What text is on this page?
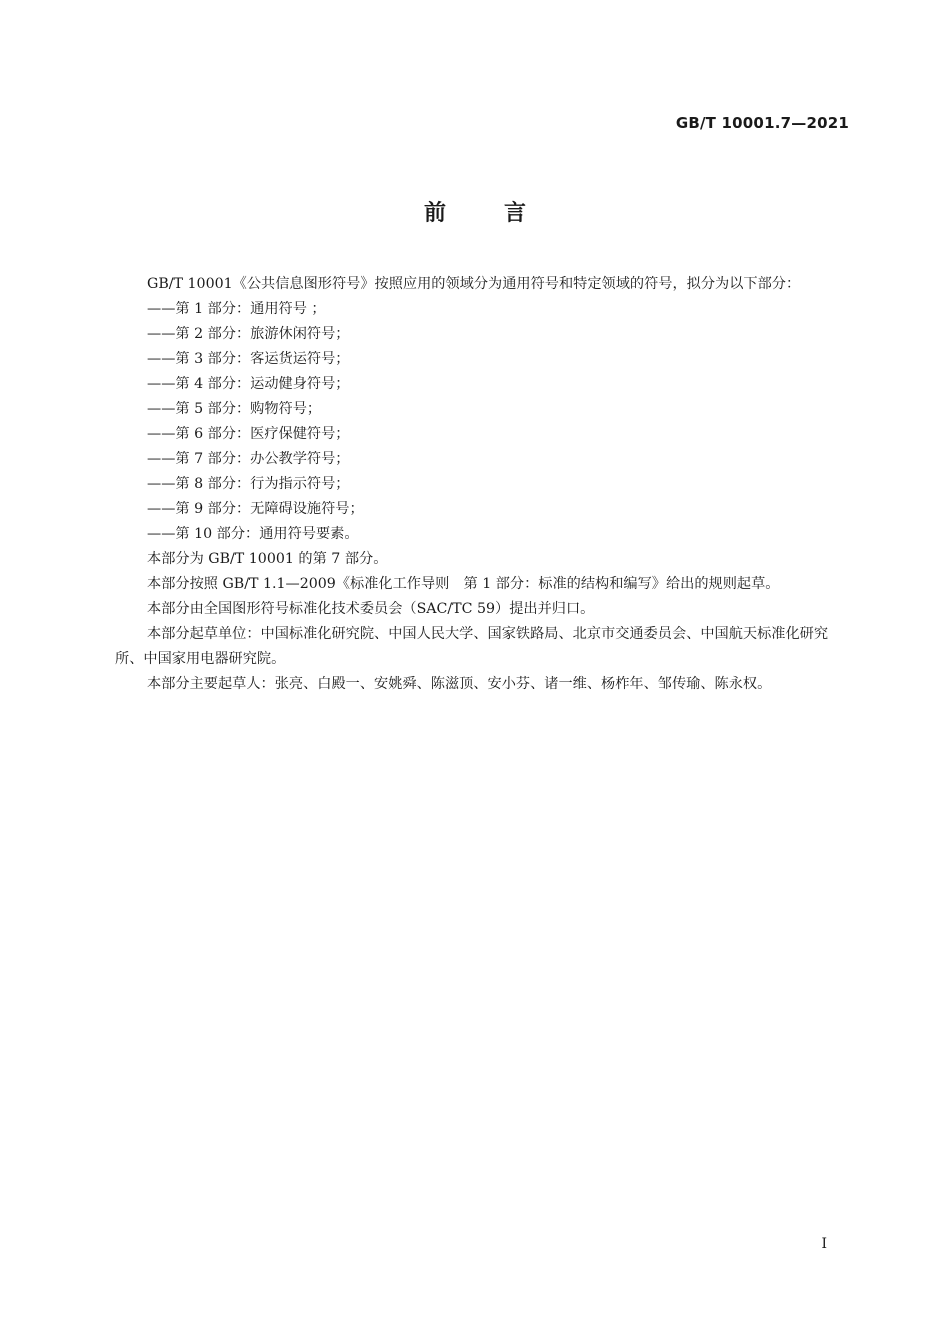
GB/T 10001.7—2021
前言

GB/T 10001《公共信息图形符号》按照应用的领域分为通用符号和特定领域的符号，拟分为以下部分：

——第 1 部分：通用符号 ；

——第 2 部分：旅游休闲符号；

——第 3 部分：客运货运符号；

——第 4 部分：运动健身符号；

——第 5 部分：购物符号；

——第 6 部分：医疗保健符号；

——第 7 部分：办公教学符号；

——第 8 部分：行为指示符号；

——第 9 部分：无障碍设施符号；

——第 10 部分：通用符号要素。

本部分为 GB/T 10001 的第 7 部分。

本部分按照 GB/T 1.1—2009《标准化工作导则　第 1 部分：标准的结构和编写》给出的规则起草。

本部分由全国图形符号标准化技术委员会（SAC/TC 59）提出并归口。

本部分起草单位：中国标准化研究院、中国人民大学、国家铁路局、北京市交通委员会、中国航天标准化研究所、中国家用电器研究院。

本部分主要起草人：张亮、白殿一、安姚舜、陈滋顶、安小芬、诸一维、杨柞年、邹传瑜、陈永权。

I
